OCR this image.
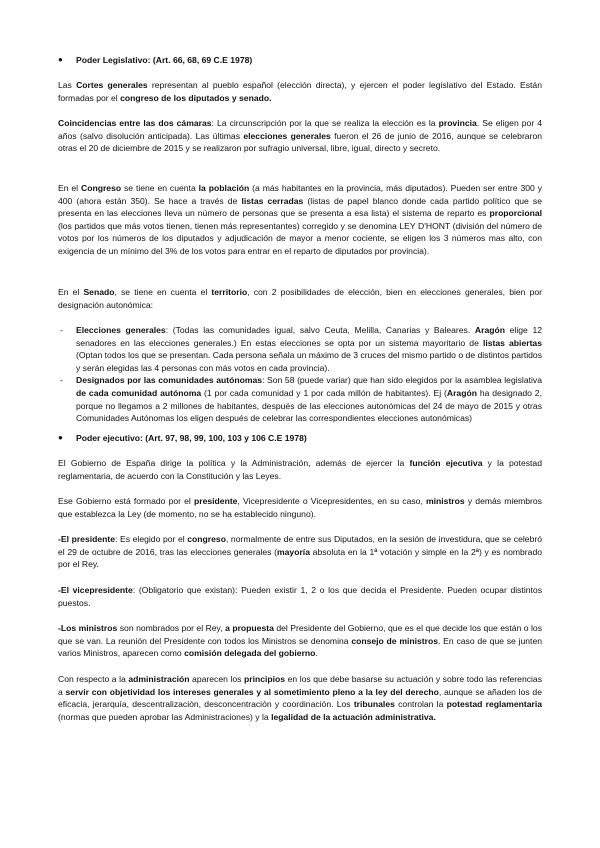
●	Poder Legislativo:
(Art. 66, 68, 69 C.E 1978)

Las Cortes generales representan al pueblo español (elección directa), y ejercen el poder legislativo del Estado. Están formadas por el congreso de los diputados y senado.

Coincidencias entre las dos cámaras: La circunscripción por la que se realiza la elección es la provincia. Se eligen por 4 años (salvo disolución anticipada). Las últimas elecciones generales fueron el 26 de junio de 2016, aunque se celebraron otras el 20 de diciembre de 2015 y se realizaron por sufragio universal, libre, igual, directo y secreto.

En el Congreso se tiene en cuenta la población (a más habitantes en la provincia, más diputados). Pueden ser entre 300 y 400 (ahora están 350). Se hace a través de listas cerradas (listas de papel blanco donde cada partido político que se presenta en las elecciones lleva un número de personas que se presenta a esa lista) el sistema de reparto es proporcional (los partidos que más votos tienen, tienen más representantes) corregido y se denomina LEY D'HONT (división del número de votos por los números de los diputados y adjudicación de mayor a menor cociente, se eligen los 3 números mas alto, con exigencia de un mínimo del 3% de los votos para entrar en el reparto de diputados por provincia).

En el Senado, se tiene en cuenta el territorio, con 2 posibilidades de elección, bien en elecciones generales, bien por designación autonómica:

- Elecciones generales: (Todas las comunidades igual, salvo Ceuta, Melilla, Canarias y Baleares. Aragón elige 12 senadores en las elecciones generales.) En estas elecciones se opta por un sistema mayoritario de listas abiertas (Optan todos los que se presentan. Cada persona señala un máximo de 3 cruces del mismo partido o de distintos partidos y serán elegidas las 4 personas con más votos en cada provincia).
- Designados por las comunidades autónomas: Son 58 (puede variar) que han sido elegidos por la asamblea legislativa de cada comunidad autónoma (1 por cada comunidad y 1 por cada millón de habitantes). Ej (Aragón ha designado 2, porque no llegamos a 2 millones de habitantes, después de las elecciones autonómicas del 24 de mayo de 2015 y otras Comunidades Autónomas los eligen después de celebrar las correspondientes elecciones autonómicas)

●	Poder ejecutivo:
(Art. 97, 98, 99,
100, 103 y 106 C.E 1978)

El Gobierno de España dirige la política y la Administración, además de ejercer la función ejecutiva y la potestad reglamentaria, de acuerdo con la Constitución y las Leyes.

Ese Gobierno está formado por el presidente, Vicepresidente o Vicepresidentes, en su caso, ministros y demás miembros que establezca la Ley (de momento, no se ha establecido ninguno).

-El presidente: Es elegido por el congreso, normalmente de entre sus Diputados, en la sesión de investidura, que se celebró el 29 de octubre de 2016, tras las elecciones generales (mayoría absoluta en la 1ª votación y simple en la 2ª) y es nombrado por el Rey.

-El vicepresidente: (Obligatorio que existan): Pueden existir 1, 2 o los que decida el Presidente. Pueden ocupar distintos puestos.

-Los ministros son nombrados por el Rey, a propuesta del Presidente del Gobierno, que es el que decide los que están o los que se van. La reunión del Presidente con todos los Ministros se denomina consejo de ministros. En caso de que se junten varios Ministros, aparecen como comisión delegada del gobierno.

Con respecto a la administración aparecen los principios en los que debe basarse su actuación y sobre todo las referencias a servir con objetividad los intereses generales y al sometimiento pleno a la ley del derecho, aunque se añaden los de eficacia, jerarquía, descentralización, desconcentración y coordinación. Los tribunales controlan la potestad reglamentaria (normas que pueden aprobar las Administraciones) y la legalidad de la actuación administrativa.
